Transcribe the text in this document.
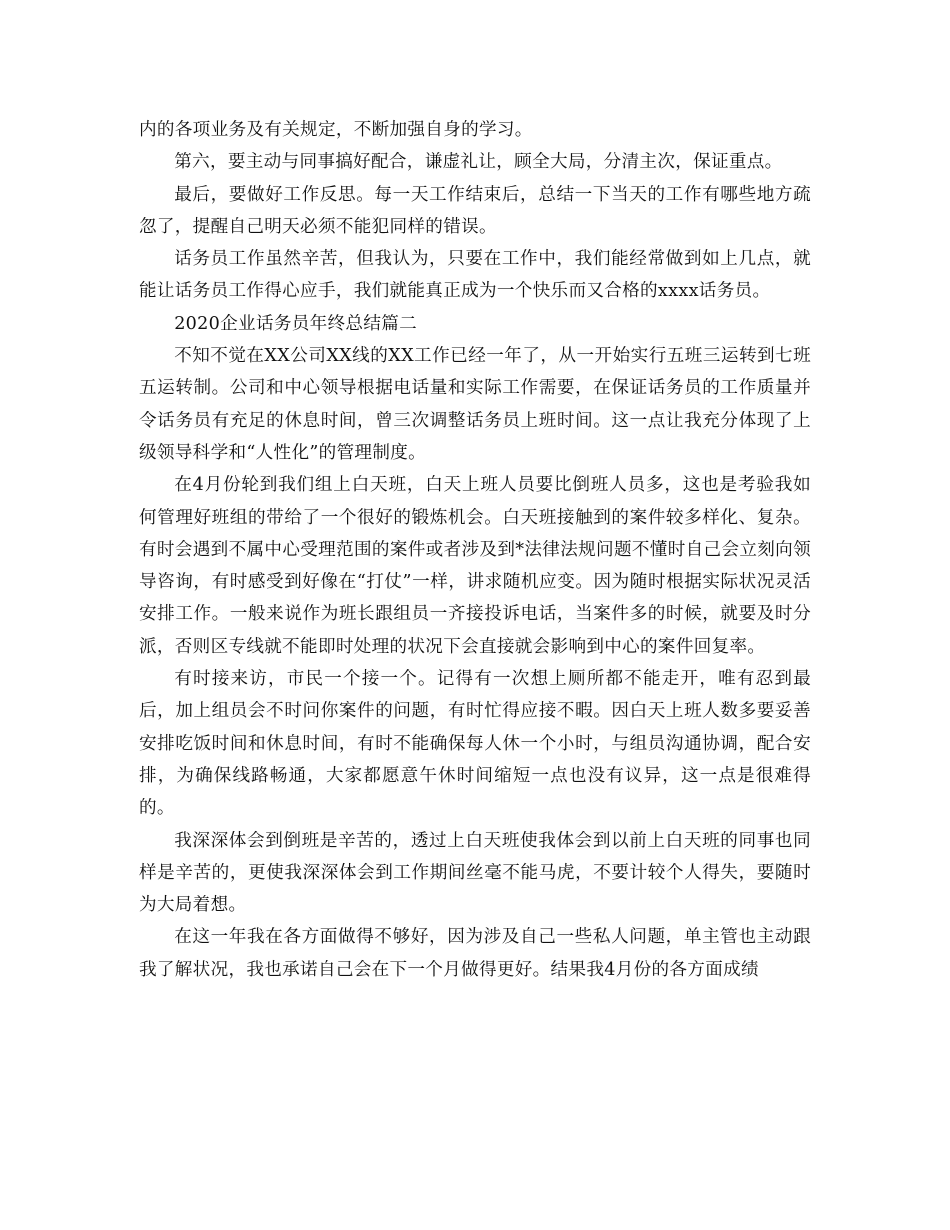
内的各项业务及有关规定，不断加强自身的学习。

第六，要主动与同事搞好配合，谦虚礼让，顾全大局，分清主次，保证重点。

最后，要做好工作反思。每一天工作结束后，总结一下当天的工作有哪些地方疏忽了，提醒自己明天必须不能犯同样的错误。

话务员工作虽然辛苦，但我认为，只要在工作中，我们能经常做到如上几点，就能让话务员工作得心应手，我们就能真正成为一个快乐而又合格的xxxx话务员。

2020企业话务员年终总结篇二

不知不觉在XX公司XX线的XX工作已经一年了，从一开始实行五班三运转到七班五运转制。公司和中心领导根据电话量和实际工作需要，在保证话务员的工作质量并令话务员有充足的休息时间，曾三次调整话务员上班时间。这一点让我充分体现了上级领导科学和“人性化”的管理制度。

在4月份轮到我们组上白天班，白天上班人员要比倒班人员多，这也是考验我如何管理好班组的带给了一个很好的锻炼机会。白天班接触到的案件较多样化、复杂。有时会遇到不属中心受理范围的案件或者涉及到*法律法规问题不懂时自己会立刻向领导咨询，有时感受到好像在“打仗”一样，讲求随机应变。因为随时根据实际状况灵活安排工作。一般来说作为班长跟组员一齐接投诉电话，当案件多的时候，就要及时分派，否则区专线就不能即时处理的状况下会直接就会影响到中心的案件回复率。

有时接来访，市民一个接一个。记得有一次想上厕所都不能走开，唯有忍到最后，加上组员会不时问你案件的问题，有时忙得应接不暇。因白天上班人数多要妥善安排吃饭时间和休息时间，有时不能确保每人休一个小时，与组员沟通协调，配合安排，为确保线路畅通，大家都愿意午休时间缩短一点也没有议异，这一点是很难得的。

我深深体会到倒班是辛苦的，透过上白天班使我体会到以前上白天班的同事也同样是辛苦的，更使我深深体会到工作期间丝毫不能马虎，不要计较个人得失，要随时为大局着想。

在这一年我在各方面做得不够好，因为涉及自己一些私人问题，单主管也主动跟我了解状况，我也承诺自己会在下一个月做得更好。结果我4月份的各方面成绩
